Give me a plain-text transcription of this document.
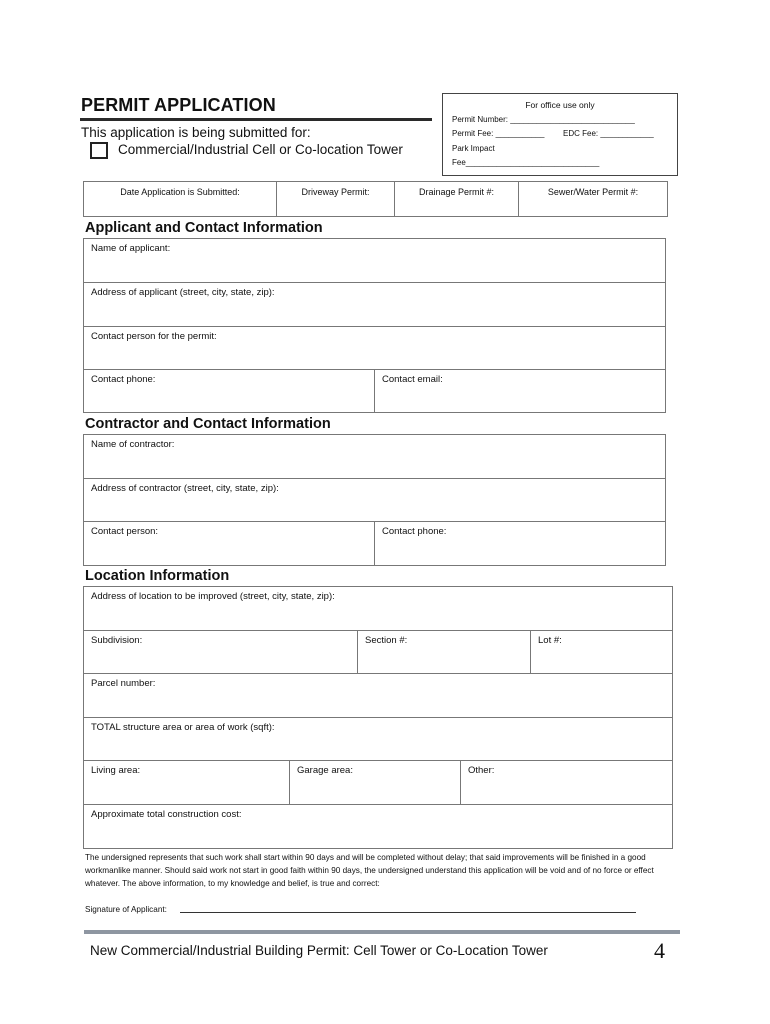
PERMIT APPLICATION
This application is being submitted for:
Commercial/Industrial Cell or Co-location Tower
For office use only
Permit Number: ____________________________
Permit Fee: ___________ EDC Fee: ____________
Park Impact
Fee______________________________
Date Application is Submitted:	Driveway Permit:	Drainage Permit #:	Sewer/Water Permit #:
Applicant and Contact Information
Name of applicant:
Address of applicant (street, city, state, zip):
Contact person for the permit:
Contact phone:	Contact email:
Contractor and Contact Information
Name of contractor:
Address of contractor (street, city, state, zip):
Contact person:	Contact phone:
Location Information
Address of location to be improved (street, city, state, zip):				
Subdivision:		Section #:		Lot #:
Parcel number:				
TOTAL structure area or area of work (sqft):				
Living area:	Garage area:		Other:	
Approximate total construction cost:				
The undersigned represents that such work shall start within 90 days and will be completed without delay; that said improvements will be finished in a good workmanlike manner. Should said work not start in good faith within 90 days, the undersigned understand this application will be void and of no force or effect whatever. The above information, to my knowledge and belief, is true and correct:
Signature of Applicant:
New Commercial/Industrial Building Permit: Cell Tower or Co-Location Tower	4
